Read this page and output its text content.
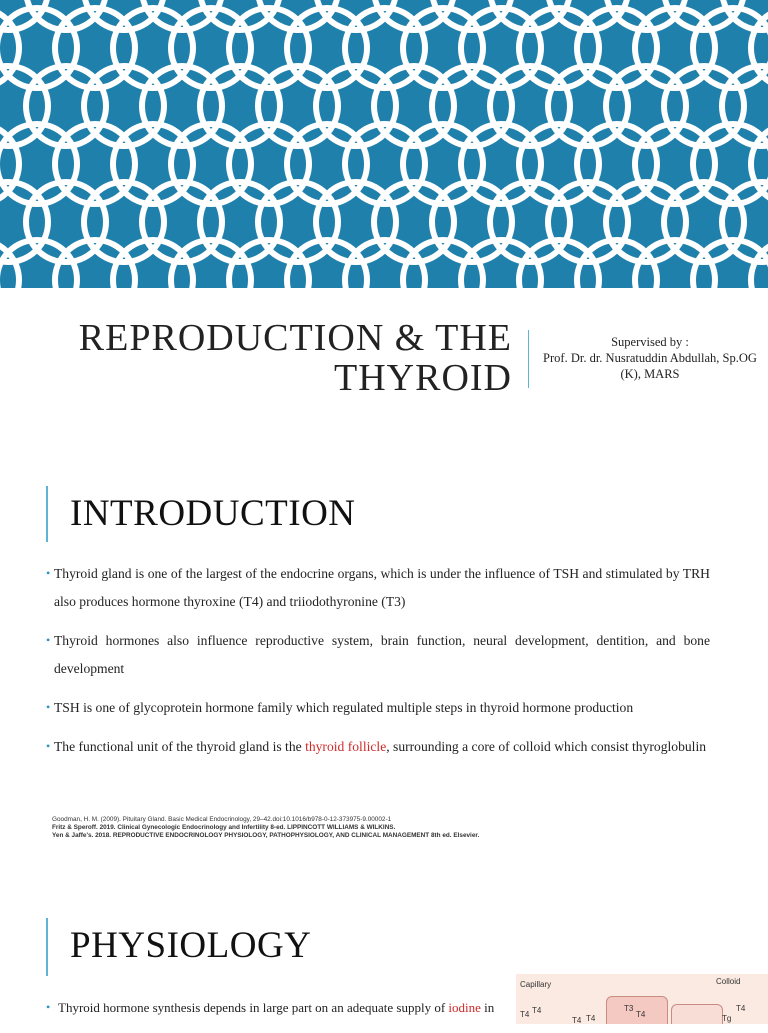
REPRODUCTION & THE
THYROID
Supervised by :
Prof. Dr. dr. Nusratuddin Abdullah, Sp.OG
(K), MARS
INTRODUCTION
• Thyroid gland is one of the largest of the endocrine organs, which is under the influence of TSH and stimulated by TRH also produces hormone thyroxine (T4) and triiodothyronine (T3)
• Thyroid hormones also influence reproductive system, brain function, neural development, dentition, and bone development
• TSH is one of glycoprotein hormone family which regulated multiple steps in thyroid hormone production
• The functional unit of the thyroid gland is the thyroid follicle, surrounding a core of colloid which consist thyroglobulin
Goodman, H. M. (2009). Pituitary Gland. Basic Medical Endocrinology, 29–42.doi:10.1016/b978-0-12-373975-9.00002-1
Fritz & Speroff. 2019. Clinical Gynecologic Endocrinology and Infertility 8-ed. LIPPINCOTT WILLIAMS & WILKINS.
Yen & Jaffe's. 2018. REPRODUCTIVE ENDOCRINOLOGY PHYSIOLOGY, PATHOPHYSIOLOGY, AND CLINICAL MANAGEMENT 8th ed. Elsevier.
PHYSIOLOGY
• Thyroid hormone synthesis depends in large part on an adequate supply of iodine in
Capillary	Colloid
T4
T4
T4 T4
T3
T4
T4
Tg
